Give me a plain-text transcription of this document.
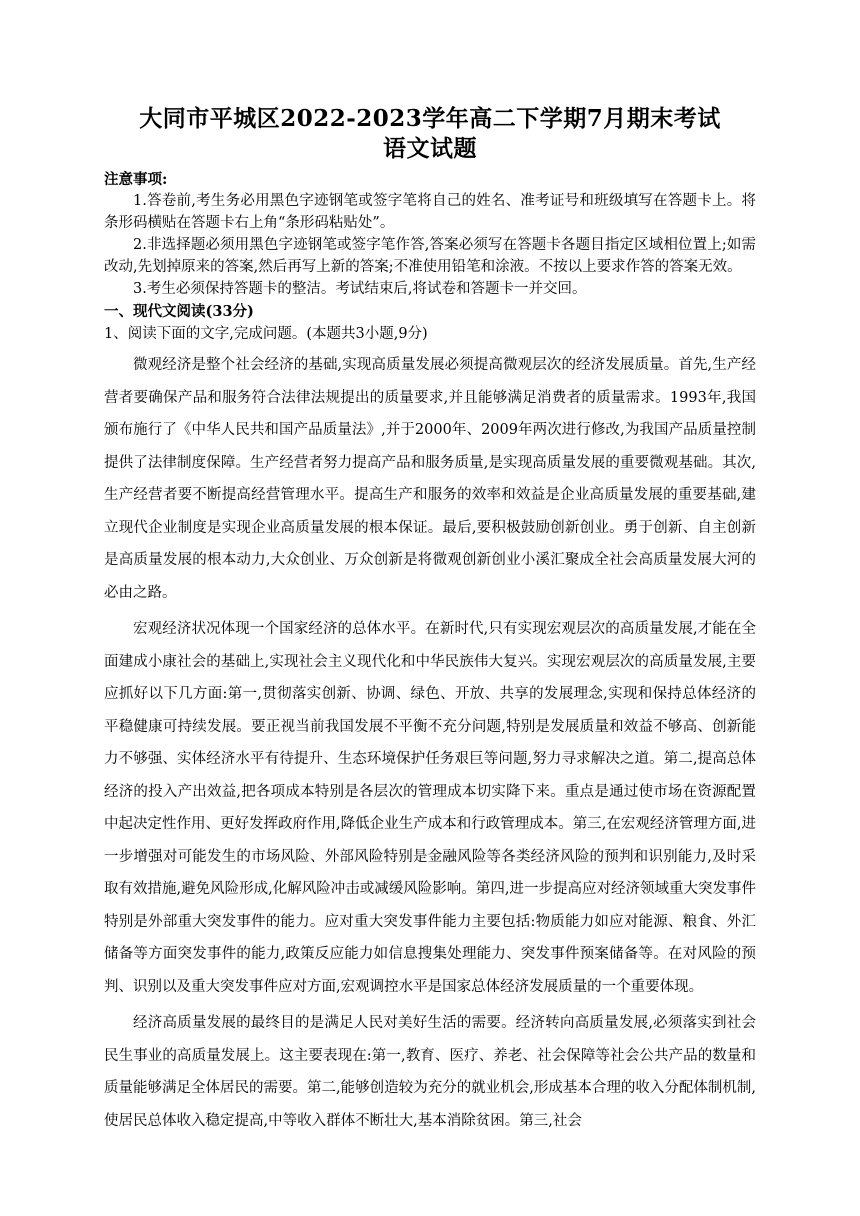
大同市平城区2022-2023学年高二下学期7月期末考试
语文试题

注意事项:

1.答卷前,考生务必用黑色字迹钢笔或签字笔将自己的姓名、准考证号和班级填写在答题卡上。将条形码横贴在答题卡右上角“条形码粘贴处”。

2.非选择题必须用黑色字迹钢笔或签字笔作答,答案必须写在答题卡各题目指定区域相位置上;如需改动,先划掉原来的答案,然后再写上新的答案;不准使用铅笔和涂液。不按以上要求作答的答案无效。

3.考生必须保持答题卡的整洁。考试结束后,将试卷和答题卡一并交回。

一、现代文阅读(33分)

1、阅读下面的文字,完成问题。(本题共3小题,9分)

微观经济是整个社会经济的基础,实现高质量发展必须提高微观层次的经济发展质量。首先,生产经营者要确保产品和服务符合法律法规提出的质量要求,并且能够满足消费者的质量需求。1993年,我国颁布施行了《中华人民共和国产品质量法》,并于2000年、2009年两次进行修改,为我国产品质量控制提供了法律制度保障。生产经营者努力提高产品和服务质量,是实现高质量发展的重要微观基础。其次,生产经营者要不断提高经营管理水平。提高生产和服务的效率和效益是企业高质量发展的重要基础,建立现代企业制度是实现企业高质量发展的根本保证。最后,要积极鼓励创新创业。勇于创新、自主创新是高质量发展的根本动力,大众创业、万众创新是将微观创新创业小溪汇聚成全社会高质量发展大河的必由之路。

宏观经济状况体现一个国家经济的总体水平。在新时代,只有实现宏观层次的高质量发展,才能在全面建成小康社会的基础上,实现社会主义现代化和中华民族伟大复兴。实现宏观层次的高质量发展,主要应抓好以下几方面:第一,贯彻落实创新、协调、绿色、开放、共享的发展理念,实现和保持总体经济的平稳健康可持续发展。要正视当前我国发展不平衡不充分问题,特别是发展质量和效益不够高、创新能力不够强、实体经济水平有待提升、生态环境保护任务艰巨等问题,努力寻求解决之道。第二,提高总体经济的投入产出效益,把各项成本特别是各层次的管理成本切实降下来。重点是通过使市场在资源配置中起决定性作用、更好发挥政府作用,降低企业生产成本和行政管理成本。第三,在宏观经济管理方面,进一步增强对可能发生的市场风险、外部风险特别是金融风险等各类经济风险的预判和识别能力,及时采取有效措施,避免风险形成,化解风险冲击或减缓风险影响。第四,进一步提高应对经济领域重大突发事件特别是外部重大突发事件的能力。应对重大突发事件能力主要包括:物质能力如应对能源、粮食、外汇储备等方面突发事件的能力,政策反应能力如信息搜集处理能力、突发事件预案储备等。在对风险的预判、识别以及重大突发事件应对方面,宏观调控水平是国家总体经济发展质量的一个重要体现。

经济高质量发展的最终目的是满足人民对美好生活的需要。经济转向高质量发展,必须落实到社会民生事业的高质量发展上。这主要表现在:第一,教育、医疗、养老、社会保障等社会公共产品的数量和质量能够满足全体居民的需要。第二,能够创造较为充分的就业机会,形成基本合理的收入分配体制机制,使居民总体收入稳定提高,中等收入群体不断壮大,基本消除贫困。第三,社会
